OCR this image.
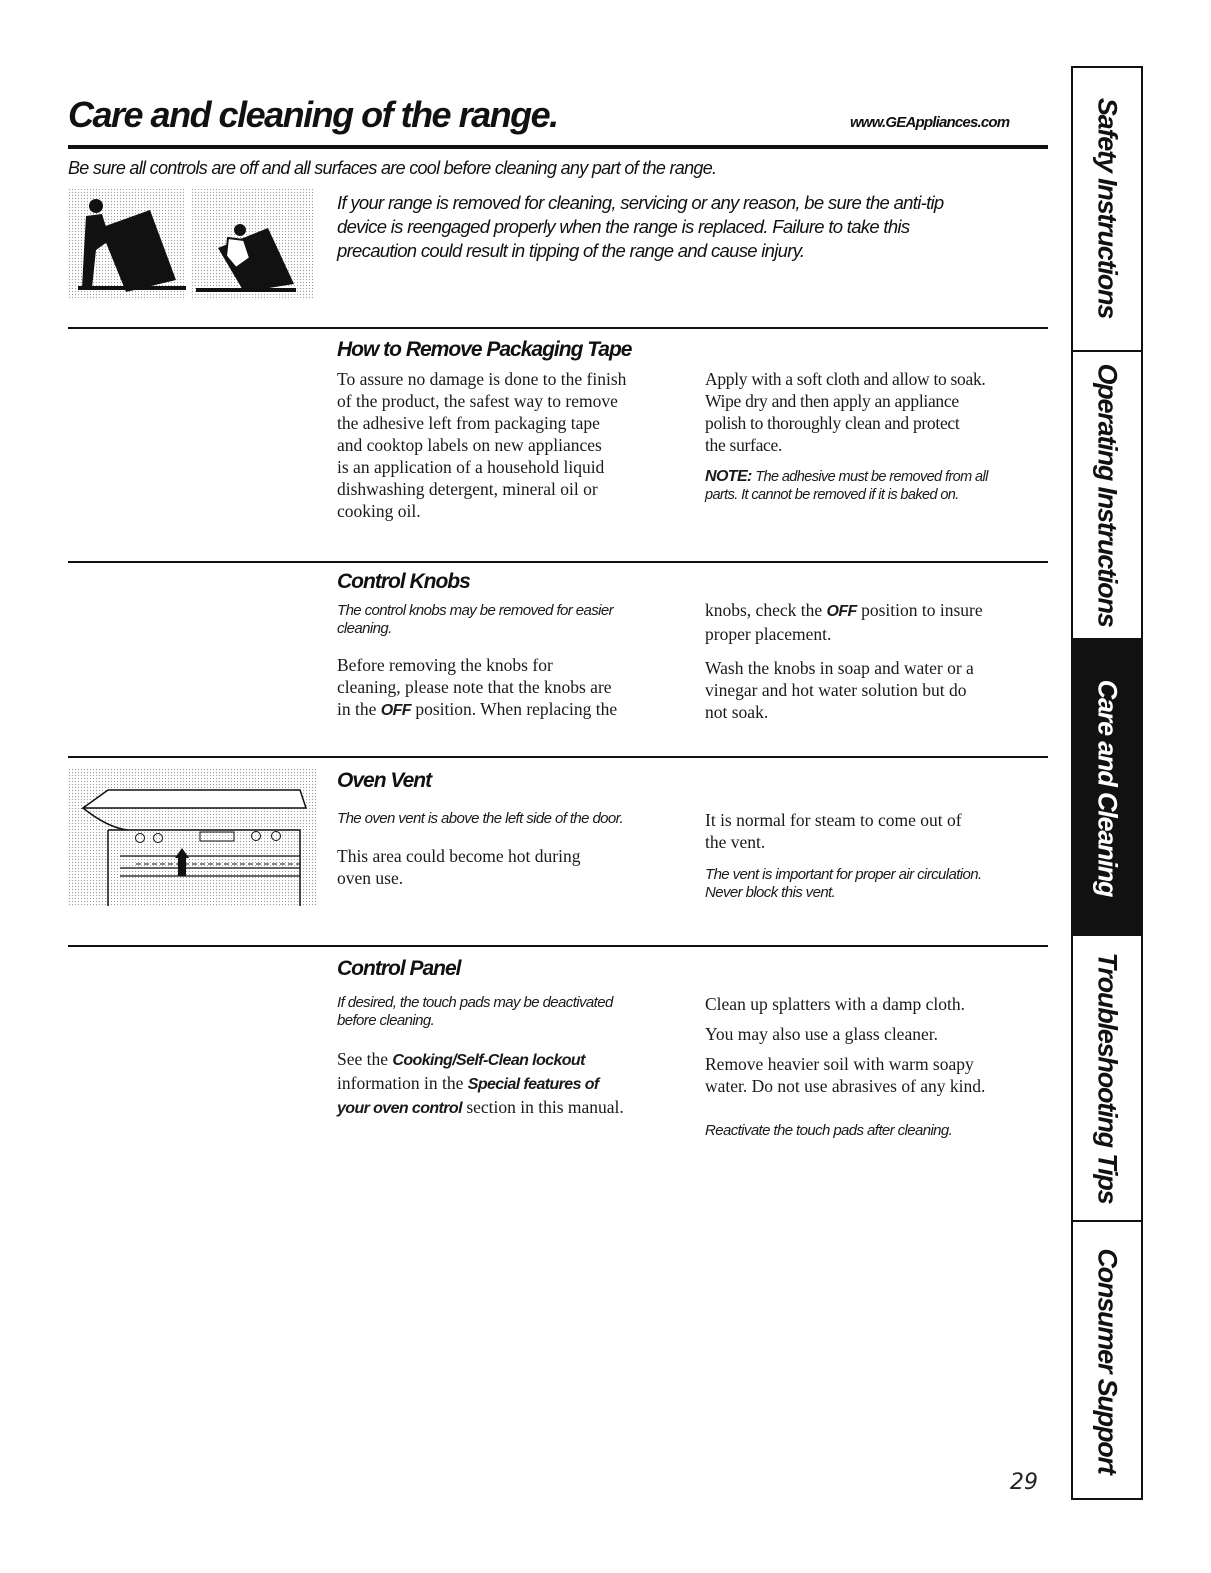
Care and cleaning of the range.	www.GEAppliances.com
Be sure all controls are off and all surfaces are cool before cleaning any part of the range.
If your range is removed for cleaning, servicing or any reason, be sure the anti-tip
device is reengaged properly when the range is replaced. Failure to take this
precaution could result in tipping of the range and cause injury.
How to Remove Packaging Tape

To assure no damage is done to the finish

of the product, the safest way to remove

the adhesive left from packaging tape

and cooktop labels on new appliances

is an application of a household liquid

dishwashing detergent, mineral oil or

cooking oil.

Apply with a soft cloth and allow to soak.

Wipe dry and then apply an appliance

polish to thoroughly clean and protect

the surface.

NOTE: The adhesive must be removed from all
parts. It cannot be removed if it is baked on.
Control Knobs
The control knobs may be removed for easier
cleaning.

Before removing the knobs for

cleaning, please note that the knobs are

in the OFF position. When replacing the

knobs, check the OFF position to insure

proper placement.

Wash the knobs in soap and water or a

vinegar and hot water solution but do

not soak.

Oven Vent
The oven vent is above the left side of the door.

This area could become hot during

oven use.

It is normal for steam to come out of

the vent.

The vent is important for proper air circulation.
Never block this vent.
Control Panel
If desired, the touch pads may be deactivated
before cleaning.

See the Cooking/Self-Clean lockout

information in the Special features of

your oven control section in this manual.

Clean up splatters with a damp cloth.

You may also use a glass cleaner.

Remove heavier soil with warm soapy

water. Do not use abrasives of any kind.

Reactivate the touch pads after cleaning.
29
Safety Instructions
Operating Instructions
Care and Cleaning
Troubleshooting Tips
Consumer Support
